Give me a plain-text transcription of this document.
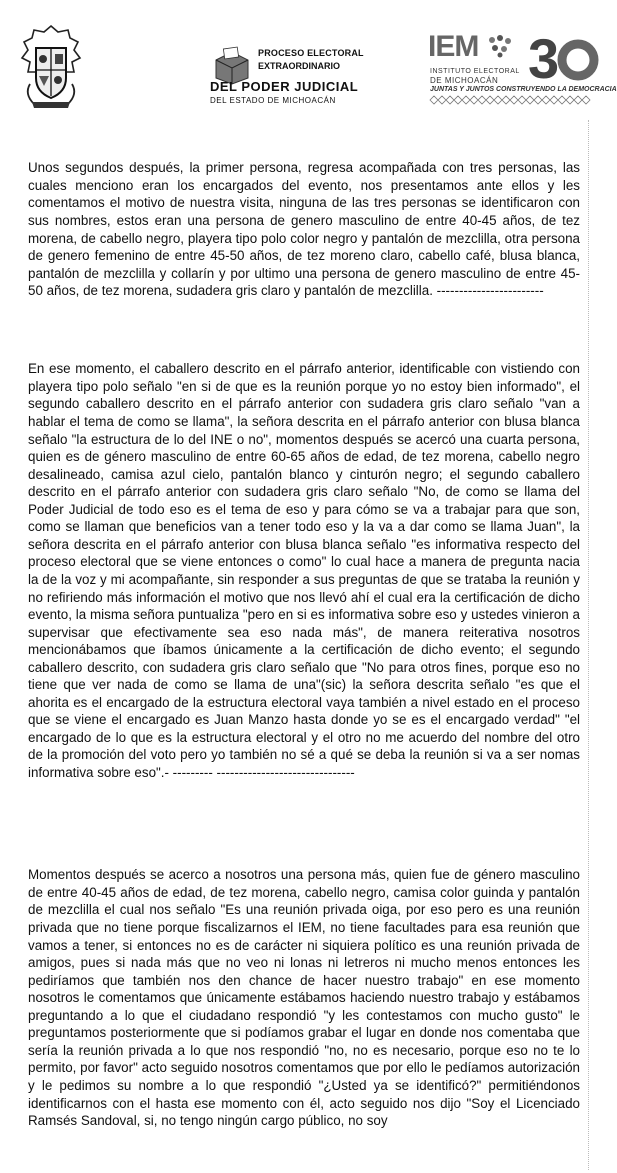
PROCESO ELECTORAL
EXTRAORDINARIO
DEL PODER JUDICIAL
DEL ESTADO DE MICHOACÁN
IEM 3
INSTITUTO ELECTORAL
DE MICHOACÁN
JUNTAS Y JUNTOS CONSTRUYENDO LA DEMOCRACIA

Unos segundos después, la primer persona, regresa acompañada con tres personas, las cuales menciono eran los encargados del evento, nos presentamos ante ellos y les comentamos el motivo de nuestra visita, ninguna de las tres personas se identificaron con sus nombres, estos eran una persona de genero masculino de entre 40-45 años, de tez morena, de cabello negro, playera tipo polo color negro y pantalón de mezclilla, otra persona de genero femenino de entre 45-50 años, de tez moreno claro, cabello café, blusa blanca, pantalón de mezclilla y collarín y por ultimo una persona de genero masculino de entre 45-50 años, de tez morena, sudadera gris claro y pantalón de mezclilla. ------------------------

En ese momento, el caballero descrito en el párrafo anterior, identificable con vistiendo con playera tipo polo señalo "en si de que es la reunión porque yo no estoy bien informado", el segundo caballero descrito en el párrafo anterior con sudadera gris claro señalo "van a hablar el tema de como se llama", la señora descrita en el párrafo anterior con blusa blanca señalo "la estructura de lo del INE o no", momentos después se acercó una cuarta persona, quien es de género masculino de entre 60-65 años de edad, de tez morena, cabello negro desalineado, camisa azul cielo, pantalón blanco y cinturón negro; el segundo caballero descrito en el párrafo anterior con sudadera gris claro señalo "No, de como se llama del Poder Judicial de todo eso es el tema de eso y para cómo se va a trabajar para que son, como se llaman que beneficios van a tener todo eso y la va a dar como se llama Juan", la señora descrita en el párrafo anterior con blusa blanca señalo "es informativa respecto del proceso electoral que se viene entonces o como" lo cual hace a manera de pregunta nacia la de la voz y mi acompañante, sin responder a sus preguntas de que se trataba la reunión y no refiriendo más información el motivo que nos llevó ahí el cual era la certificación de dicho evento, la misma señora puntualiza "pero en si es informativa sobre eso y ustedes vinieron a supervisar que efectivamente sea eso nada más", de manera reiterativa nosotros mencionábamos que íbamos únicamente a la certificación de dicho evento; el segundo caballero descrito, con sudadera gris claro señalo que "No para otros fines, porque eso no tiene que ver nada de como se llama de una"(sic) la señora descrita señalo "es que el ahorita es el encargado de la estructura electoral vaya también a nivel estado en el proceso que se viene el encargado es Juan Manzo hasta donde yo se es el encargado verdad" "el encargado de lo que es la estructura electoral y el otro no me acuerdo del nombre del otro de la promoción del voto pero yo también no sé a qué se deba la reunión si va a ser nomas informativa sobre eso".- --------- -------------------------------

Momentos después se acerco a nosotros una persona más, quien fue de género masculino de entre 40-45 años de edad, de tez morena, cabello negro, camisa color guinda y pantalón de mezclilla el cual nos señalo "Es una reunión privada oiga, por eso pero es una reunión privada que no tiene porque fiscalizarnos el IEM, no tiene facultades para esa reunión que vamos a tener, si entonces no es de carácter ni siquiera político es una reunión privada de amigos, pues si nada más que no veo ni lonas ni letreros ni mucho menos entonces les pediríamos que también nos den chance de hacer nuestro trabajo" en ese momento nosotros le comentamos que únicamente estábamos haciendo nuestro trabajo y estábamos preguntando a lo que el ciudadano respondió "y les contestamos con mucho gusto" le preguntamos posteriormente que si podíamos grabar el lugar en donde nos comentaba que sería la reunión privada a lo que nos respondió "no, no es necesario, porque eso no te lo permito, por favor" acto seguido nosotros comentamos que por ello le pedíamos autorización y le pedimos su nombre a lo que respondió "¿Usted ya se identificó?" permitiéndonos identificarnos con el hasta ese momento con él, acto seguido nos dijo "Soy el Licenciado Ramsés Sandoval, si, no tengo ningún cargo público, no soy
